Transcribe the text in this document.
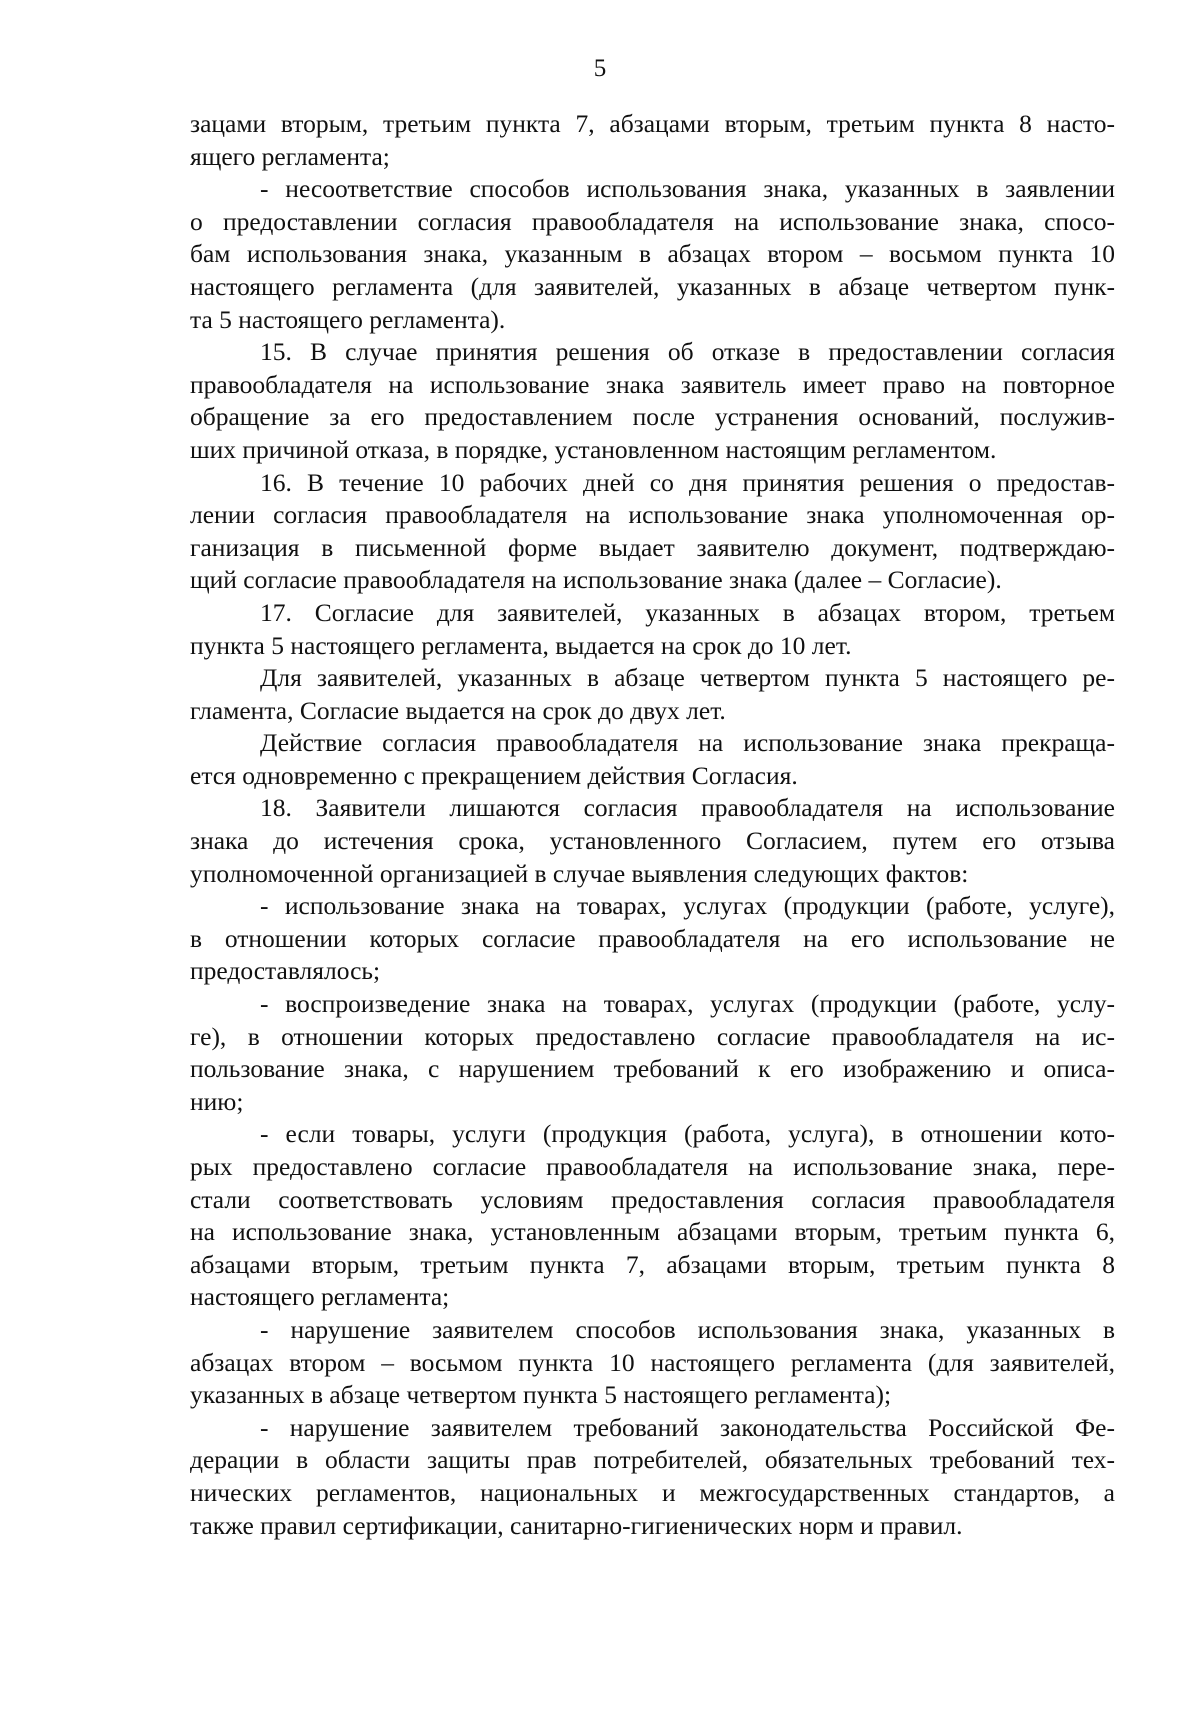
5
зацами вторым, третьим пункта 7, абзацами вторым, третьим пункта 8 насто-
ящего регламента;
- несоответствие способов использования знака, указанных в заявлении
о предоставлении согласия правообладателя на использование знака, спосо-
бам использования знака, указанным в абзацах втором – восьмом пункта 10
настоящего регламента (для заявителей, указанных в абзаце четвертом пунк-
та 5 настоящего регламента).
15. В случае принятия решения об отказе в предоставлении согласия
правообладателя на использование знака заявитель имеет право на повторное
обращение за его предоставлением после устранения оснований, послужив-
ших причиной отказа, в порядке, установленном настоящим регламентом.
16. В течение 10 рабочих дней со дня принятия решения о предостав-
лении согласия правообладателя на использование знака уполномоченная ор-
ганизация в письменной форме выдает заявителю документ, подтверждаю-
щий согласие правообладателя на использование знака (далее – Согласие).
17. Согласие для заявителей, указанных в абзацах втором, третьем
пункта 5 настоящего регламента, выдается на срок до 10 лет.
Для заявителей, указанных в абзаце четвертом пункта 5 настоящего ре-
гламента, Согласие выдается на срок до двух лет.
Действие согласия правообладателя на использование знака прекраща-
ется одновременно с прекращением действия Согласия.
18. Заявители лишаются согласия правообладателя на использование
знака до истечения срока, установленного Согласием, путем его отзыва
уполномоченной организацией в случае выявления следующих фактов:
- использование знака на товарах, услугах (продукции (работе, услуге),
в отношении которых согласие правообладателя на его использование не
предоставлялось;
- воспроизведение знака на товарах, услугах (продукции (работе, услу-
ге), в отношении которых предоставлено согласие правообладателя на ис-
пользование знака, с нарушением требований к его изображению и описа-
нию;
- если товары, услуги (продукция (работа, услуга), в отношении кото-
рых предоставлено согласие правообладателя на использование знака, пере-
стали соответствовать условиям предоставления согласия правообладателя
на использование знака, установленным абзацами вторым, третьим пункта 6,
абзацами вторым, третьим пункта 7, абзацами вторым, третьим пункта 8
настоящего регламента;
- нарушение заявителем способов использования знака, указанных в
абзацах втором – восьмом пункта 10 настоящего регламента (для заявителей,
указанных в абзаце четвертом пункта 5 настоящего регламента);
- нарушение заявителем требований законодательства Российской Фе-
дерации в области защиты прав потребителей, обязательных требований тех-
нических регламентов, национальных и межгосударственных стандартов, а
также правил сертификации, санитарно-гигиенических норм и правил.
